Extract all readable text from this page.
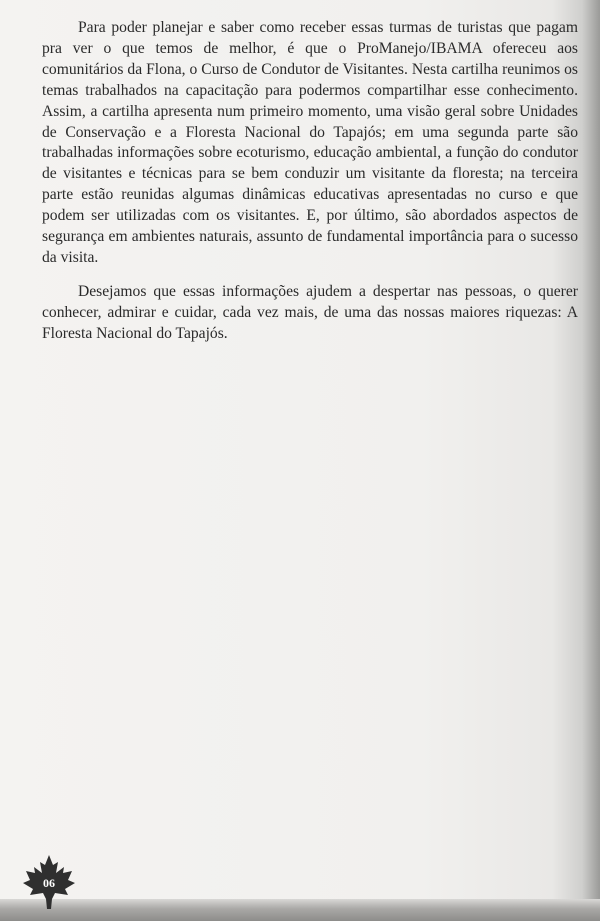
Para poder planejar e saber como receber essas turmas de turistas que pagam pra ver o que temos de melhor, é que o ProManejo/IBAMA ofereceu aos comunitários da Flona, o Curso de Condutor de Visitantes. Nesta cartilha reunimos os temas trabalhados na capacitação para podermos compartilhar esse conhecimento. Assim, a cartilha apresenta num primeiro momento, uma visão geral sobre Unidades de Conservação e a Floresta Nacional do Tapajós; em uma segunda parte são trabalhadas informações sobre ecoturismo, educação ambiental, a função do condutor de visitantes e técnicas para se bem conduzir um visitante da floresta; na terceira parte estão reunidas algumas dinâmicas educativas apresentadas no curso e que podem ser utilizadas com os visitantes. E, por último, são abordados aspectos de segurança em ambientes naturais, assunto de fundamental importância para o sucesso da visita.

Desejamos que essas informações ajudem a despertar nas pessoas, o querer conhecer, admirar e cuidar, cada vez mais, de uma das nossas maiores riquezas: A Floresta Nacional do Tapajós.

06
